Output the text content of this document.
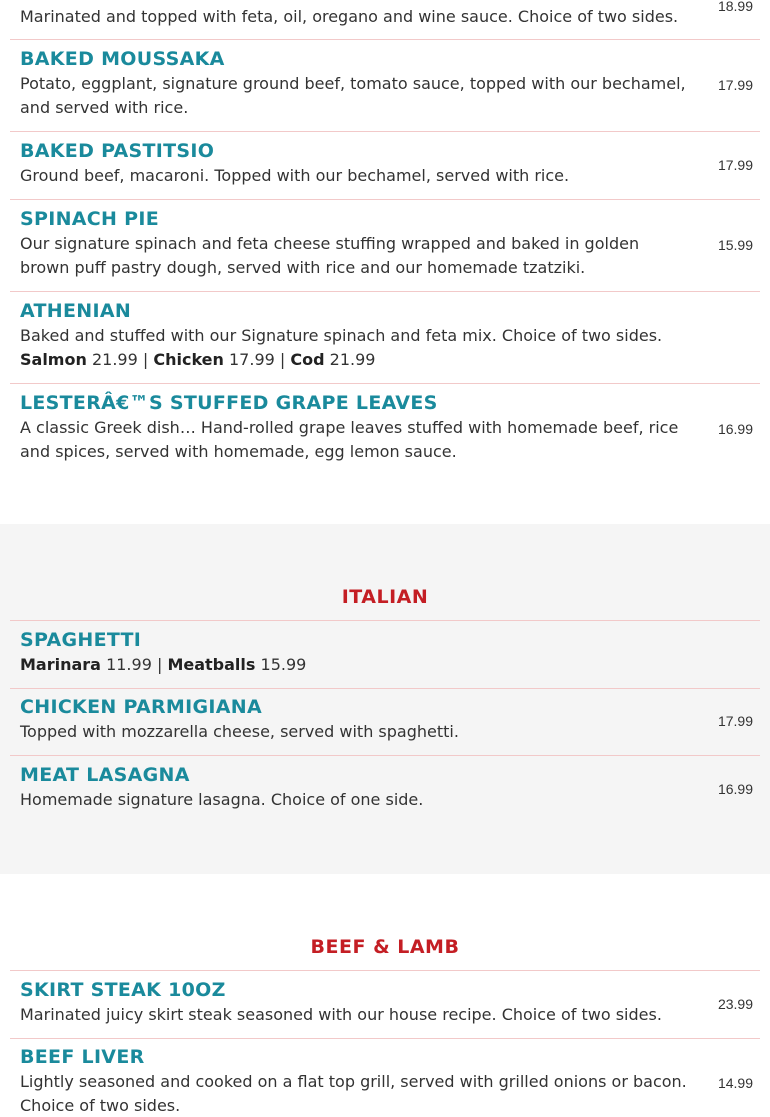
Marinated and topped with feta, oil, oregano and wine sauce. Choice of two sides.
18.99
BAKED MOUSSAKA
Potato, eggplant, signature ground beef, tomato sauce, topped with our bechamel, and served with rice.
17.99
BAKED PASTITSIO
Ground beef, macaroni. Topped with our bechamel, served with rice.
17.99
SPINACH PIE
Our signature spinach and feta cheese stuffing wrapped and baked in golden brown puff pastry dough, served with rice and our homemade tzatziki.
15.99
ATHENIAN
Baked and stuffed with our Signature spinach and feta mix. Choice of two sides.
Salmon 21.99 | Chicken 17.99 | Cod 21.99
LESTERÂ€™S STUFFED GRAPE LEAVES
A classic Greek dish… Hand-rolled grape leaves stuffed with homemade beef, rice and spices, served with homemade, egg lemon sauce.
16.99
ITALIAN
SPAGHETTI
Marinara 11.99 | Meatballs 15.99
CHICKEN PARMIGIANA
Topped with mozzarella cheese, served with spaghetti.
17.99
MEAT LASAGNA
Homemade signature lasagna. Choice of one side.
16.99
BEEF & LAMB
SKIRT STEAK 10OZ
Marinated juicy skirt steak seasoned with our house recipe. Choice of two sides.
23.99
BEEF LIVER
Lightly seasoned and cooked on a flat top grill, served with grilled onions or bacon. Choice of two sides.
14.99
